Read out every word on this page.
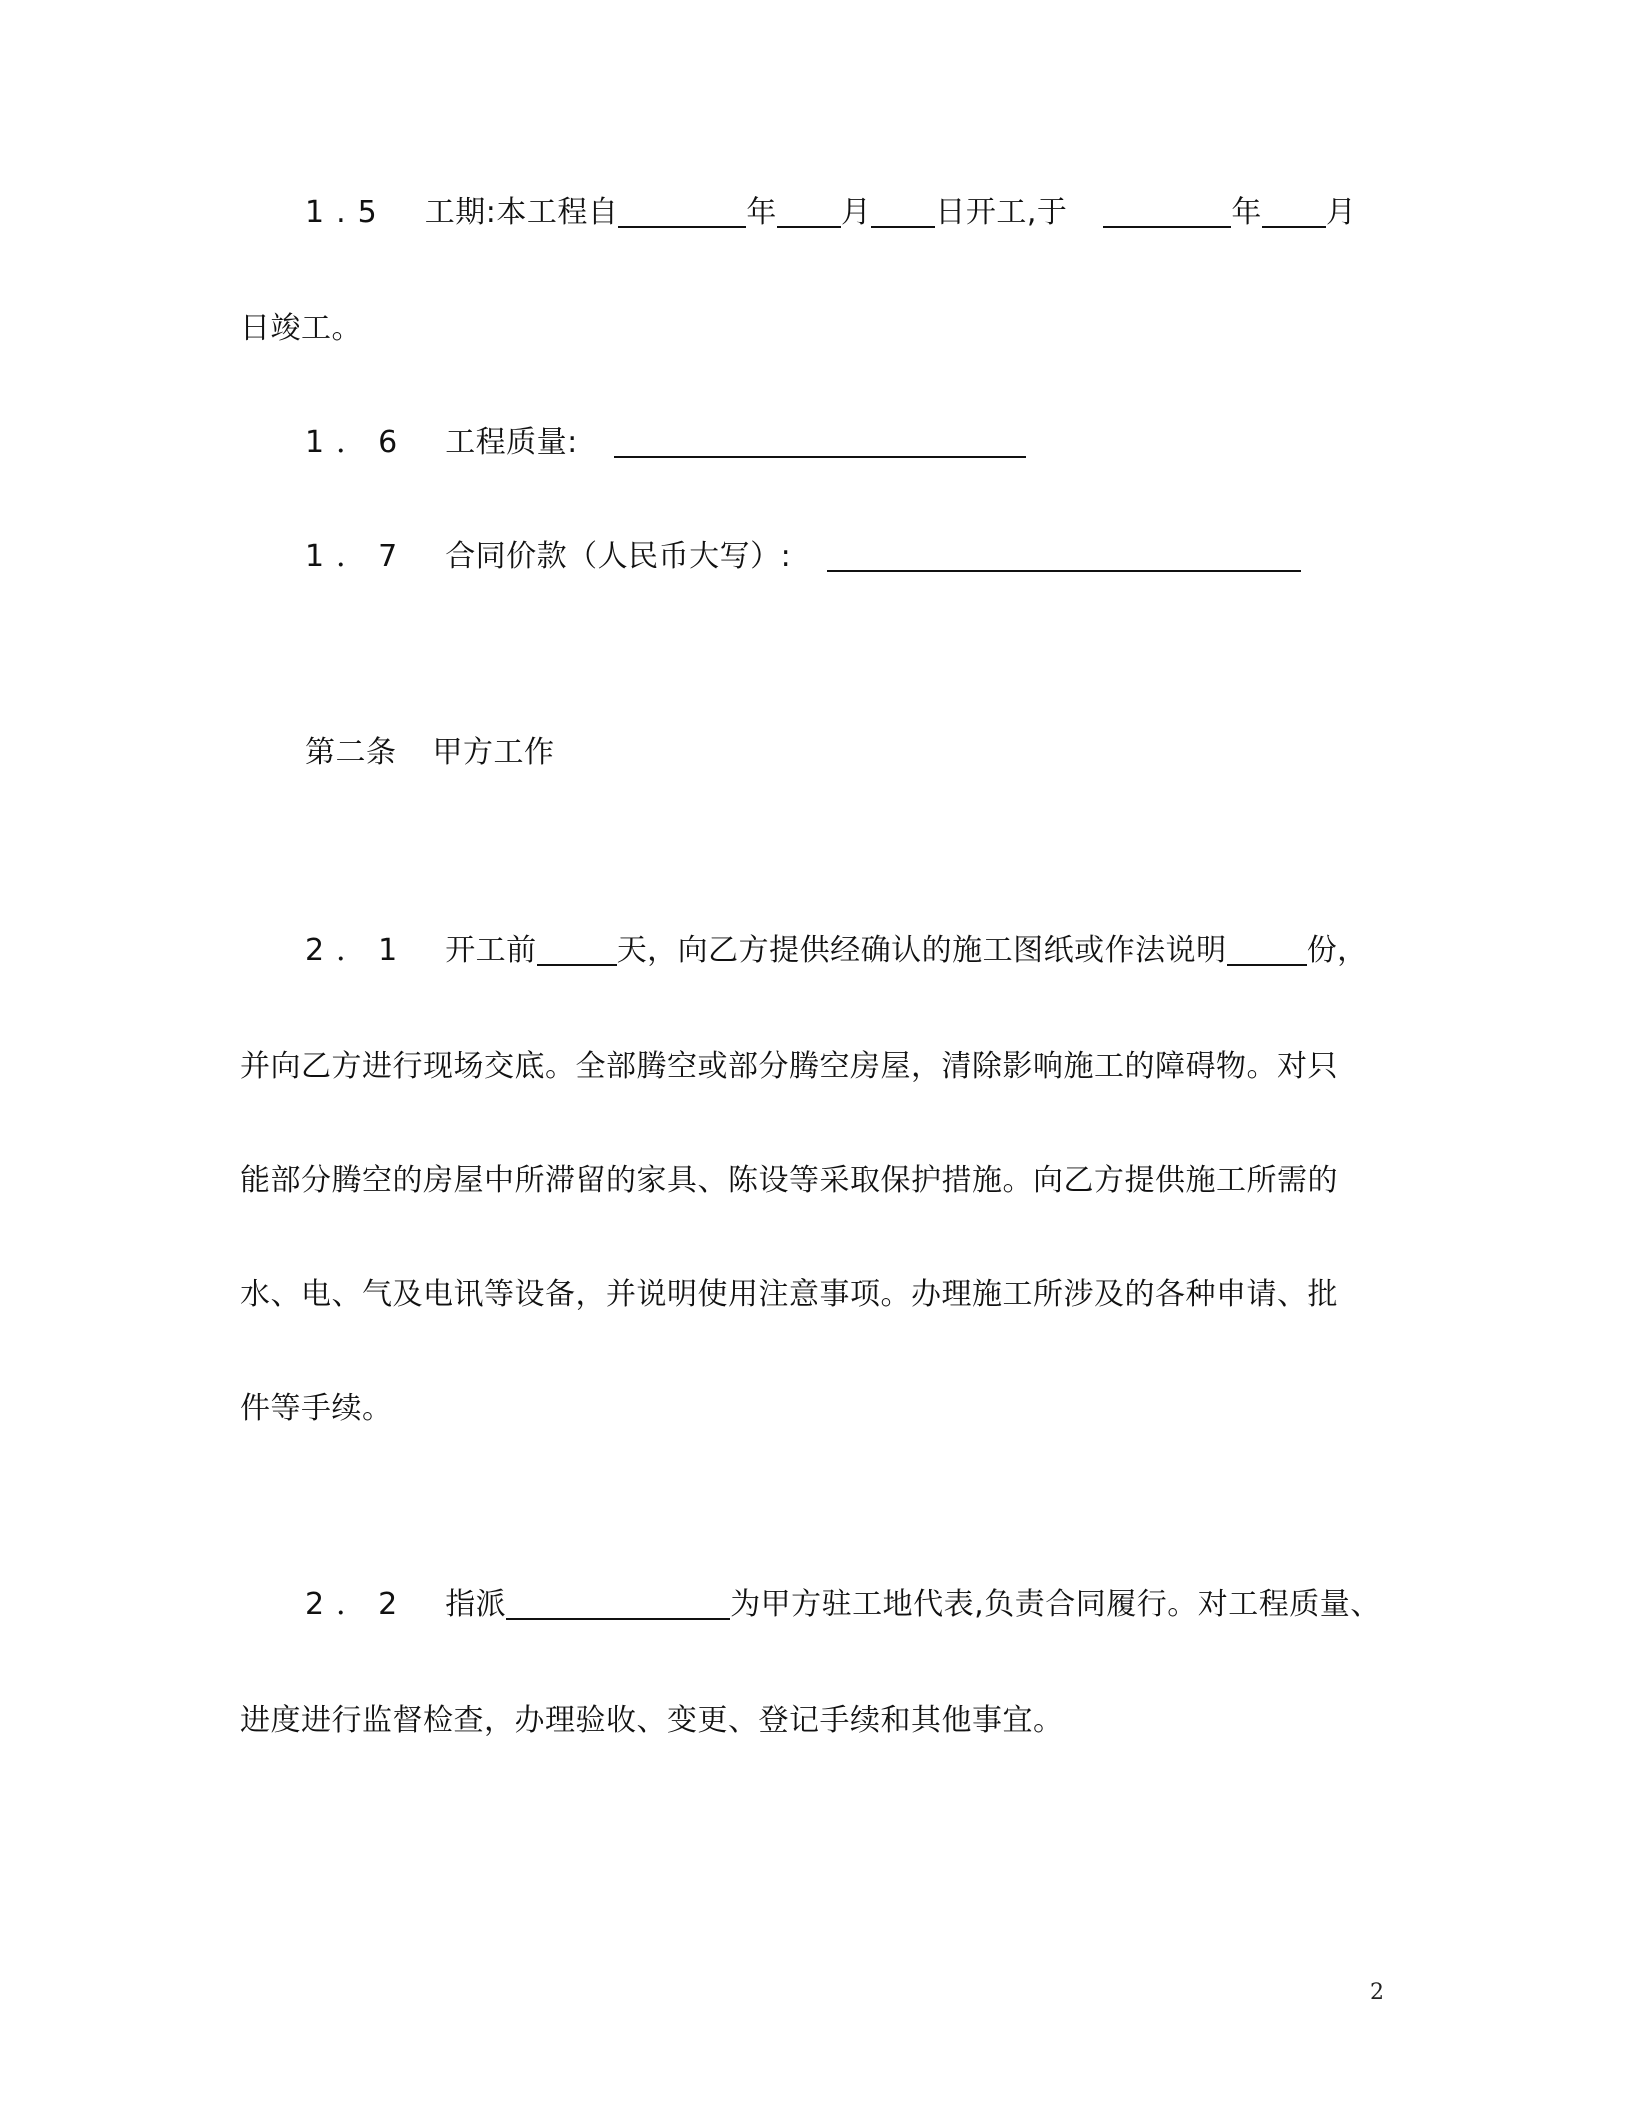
1.5 工期:本工程自	年 月 日开工,于	年 月
日竣工。
1．6 工程质量:
1．7 合同价款（人民币大写）:
第二条 甲方工作
2．1 开工前	天，向乙方提供经确认的施工图纸或作法说明	份，
并向乙方进行现场交底。全部腾空或部分腾空房屋，清除影响施工的障碍物。对只
能部分腾空的房屋中所滞留的家具、陈设等采取保护措施。向乙方提供施工所需的
水、电、气及电讯等设备，并说明使用注意事项。办理施工所涉及的各种申请、批
件等手续。
2．2 指派	为甲方驻工地代表,负责合同履行。对工程质量、
进度进行监督检查，办理验收、变更、登记手续和其他事宜。
2
